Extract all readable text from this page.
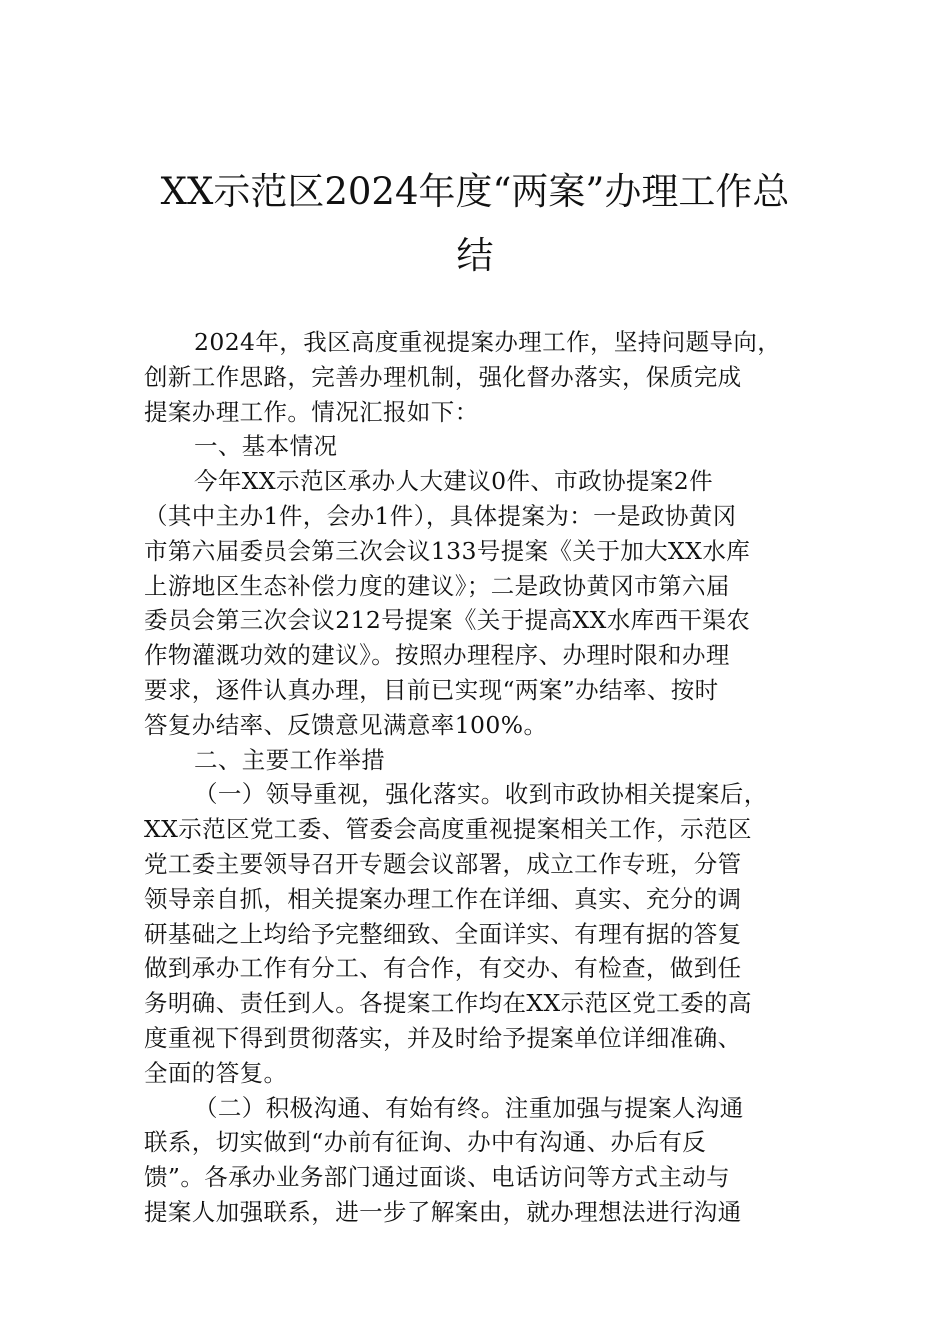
XX示范区2024年度“两案”办理工作总
结
2024年，我区高度重视提案办理工作，坚持问题导向，
创新工作思路，完善办理机制，强化督办落实，保质完成
提案办理工作。情况汇报如下：
一、基本情况
今年XX示范区承办人大建议0件、市政协提案2件
（其中主办1件，会办1件），具体提案为：一是政协黄冈
市第六届委员会第三次会议133号提案《关于加大XX水库
上游地区生态补偿力度的建议》；二是政协黄冈市第六届
委员会第三次会议212号提案《关于提高XX水库西干渠农
作物灌溉功效的建议》。按照办理程序、办理时限和办理
要求，逐件认真办理，目前已实现“两案”办结率、按时
答复办结率、反馈意见满意率100%。
二、主要工作举措
（一）领导重视，强化落实。收到市政协相关提案后，
XX示范区党工委、管委会高度重视提案相关工作，示范区
党工委主要领导召开专题会议部署，成立工作专班，分管
领导亲自抓，相关提案办理工作在详细、真实、充分的调
研基础之上均给予完整细致、全面详实、有理有据的答复
做到承办工作有分工、有合作，有交办、有检查，做到任
务明确、责任到人。各提案工作均在XX示范区党工委的高
度重视下得到贯彻落实，并及时给予提案单位详细准确、
全面的答复。
（二）积极沟通、有始有终。注重加强与提案人沟通
联系，切实做到“办前有征询、办中有沟通、办后有反
馈”。各承办业务部门通过面谈、电话访问等方式主动与
提案人加强联系，进一步了解案由，就办理想法进行沟通
